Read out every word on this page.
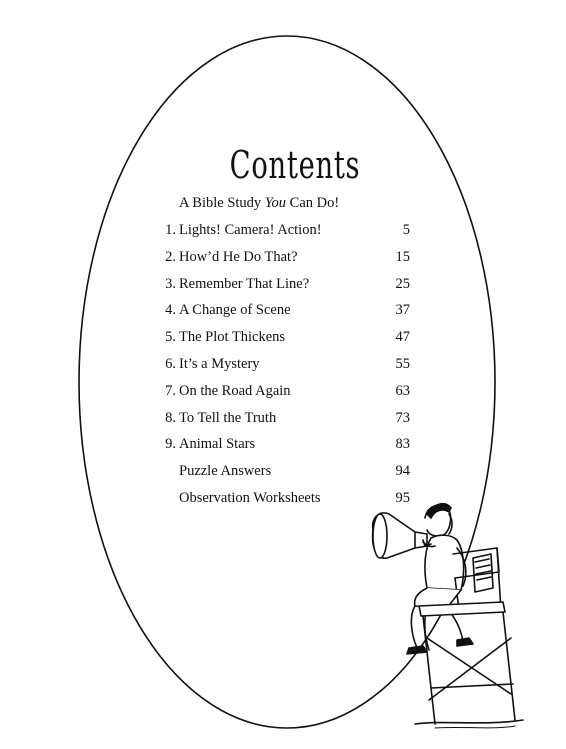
Contents
A Bible Study You Can Do!
1. Lights! Camera! Action!	5
2. How’d He Do That?	15
3. Remember That Line?	25
4. A Change of Scene	37
5. The Plot Thickens	47
6. It’s a Mystery	55
7. On the Road Again	63
8. To Tell the Truth	73
9. Animal Stars	83
Puzzle Answers	94
Observation Worksheets	95
